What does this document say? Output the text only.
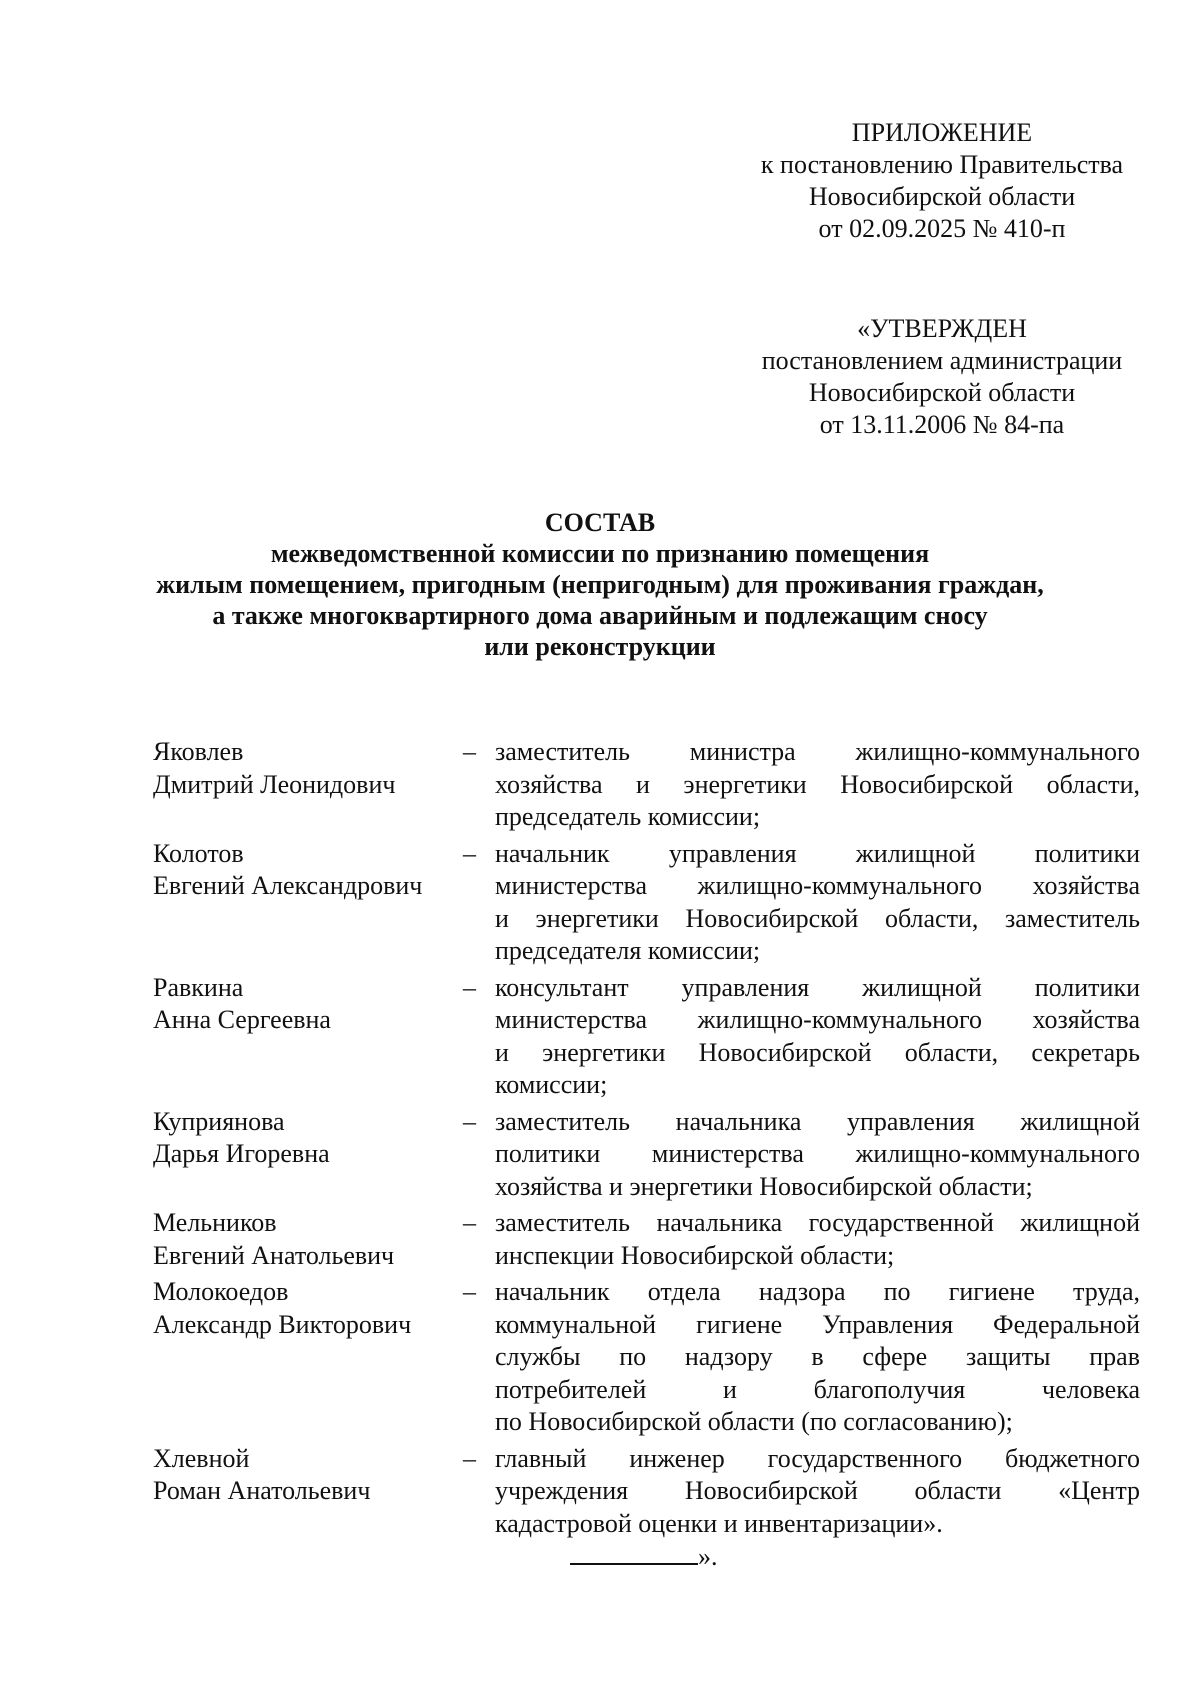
ПРИЛОЖЕНИЕ
к постановлению Правительства
Новосибирской области
от 02.09.2025 № 410-п
«УТВЕРЖДЕН
постановлением администрации
Новосибирской области
от 13.11.2006 № 84-па
СОСТАВ
межведомственной комиссии по признанию помещения
жилым помещением, пригодным (непригодным) для проживания граждан,
а также многоквартирного дома аварийным и подлежащим сносу
или реконструкции
Яковлев
Дмитрий Леонидович
– заместитель министра жилищно-коммунального
хозяйства и энергетики Новосибирской области,
председатель комиссии;
Колотов
Евгений Александрович
– начальник управления жилищной политики
министерства жилищно-коммунального хозяйства
и энергетики Новосибирской области, заместитель
председателя комиссии;
Равкина
Анна Сергеевна
– консультант управления жилищной политики
министерства жилищно-коммунального хозяйства
и энергетики Новосибирской области, секретарь
комиссии;
Куприянова
Дарья Игоревна
– заместитель начальника управления жилищной
политики министерства жилищно-коммунального
хозяйства и энергетики Новосибирской области;
Мельников
Евгений Анатольевич
– заместитель начальника государственной жилищной
инспекции Новосибирской области;
Молокоедов
Александр Викторович
– начальник отдела надзора по гигиене труда,
коммунальной гигиене Управления Федеральной
службы по надзору в сфере защиты прав
потребителей и благополучия человека
по Новосибирской области (по согласованию);
Хлевной
Роман Анатольевич
– главный инженер государственного бюджетного
учреждения Новосибирской области «Центр
кадастровой оценки и инвентаризации».
».
